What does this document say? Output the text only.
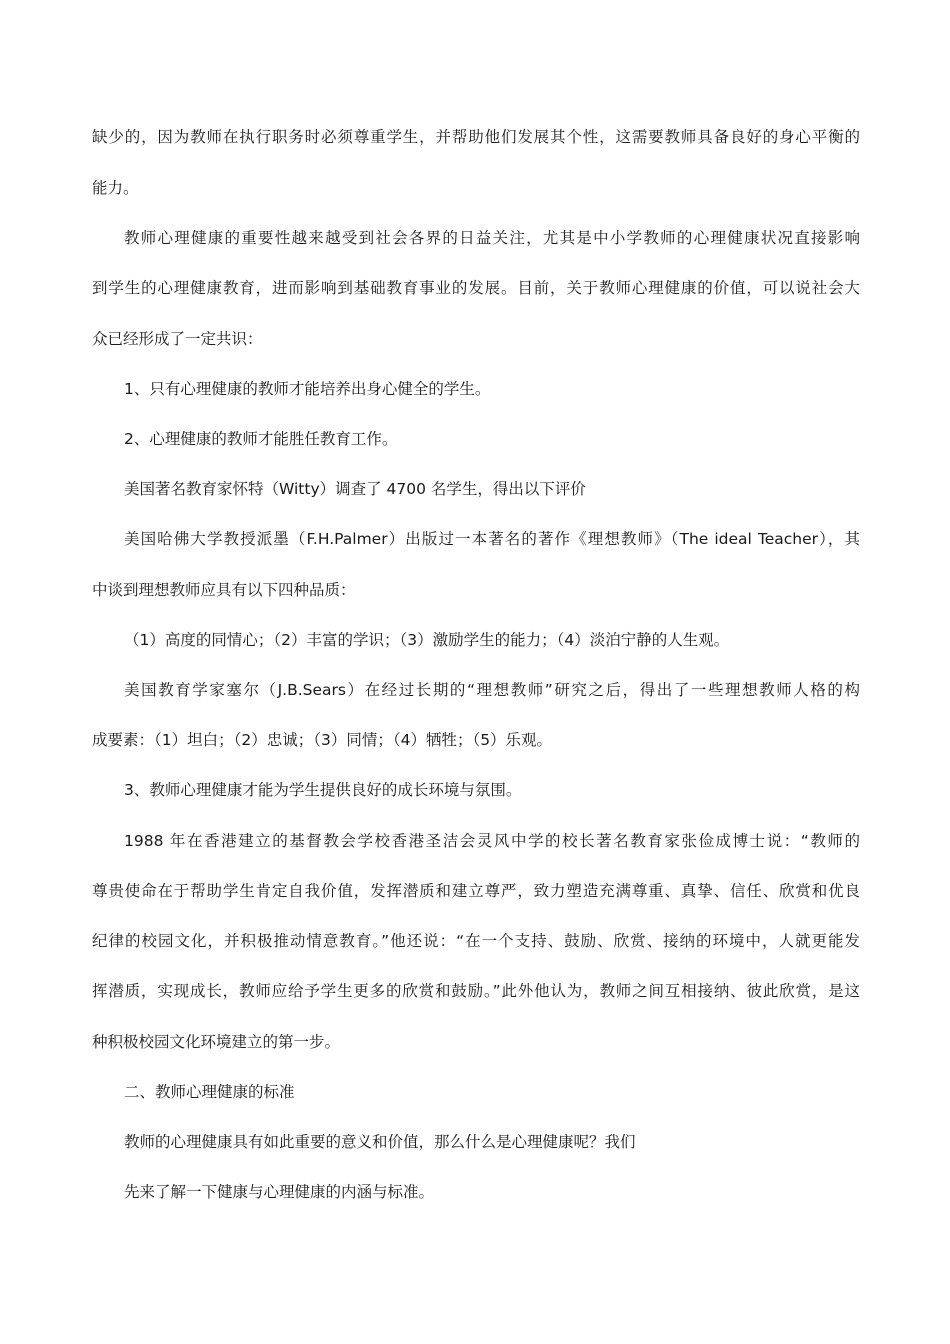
缺少的，因为教师在执行职务时必须尊重学生，并帮助他们发展其个性，这需要教师具备良好的身心平衡的
能力。
教师心理健康的重要性越来越受到社会各界的日益关注，尤其是中小学教师的心理健康状况直接影响
到学生的心理健康教育，进而影响到基础教育事业的发展。目前，关于教师心理健康的价值，可以说社会大
众已经形成了一定共识：
1、只有心理健康的教师才能培养出身心健全的学生。
2、心理健康的教师才能胜任教育工作。
美国著名教育家怀特（Witty）调查了 4700 名学生，得出以下评价
美国哈佛大学教授派墨（F.H.Palmer）出版过一本著名的著作《理想教师》（The ideal Teacher），其
中谈到理想教师应具有以下四种品质：
（1）高度的同情心；（2）丰富的学识；（3）激励学生的能力；（4）淡泊宁静的人生观。
美国教育学家塞尔（J.B.Sears）在经过长期的“理想教师”研究之后，得出了一些理想教师人格的构
成要素：（1）坦白；（2）忠诚；（3）同情；（4）牺牲；（5）乐观。
3、教师心理健康才能为学生提供良好的成长环境与氛围。
1988 年在香港建立的基督教会学校香港圣洁会灵风中学的校长著名教育家张俭成博士说：“教师的
尊贵使命在于帮助学生肯定自我价值，发挥潜质和建立尊严，致力塑造充满尊重、真挚、信任、欣赏和优良
纪律的校园文化，并积极推动情意教育。”他还说：“在一个支持、鼓励、欣赏、接纳的环境中，人就更能发
挥潜质，实现成长，教师应给予学生更多的欣赏和鼓励。”此外他认为，教师之间互相接纳、彼此欣赏，是这
种积极校园文化环境建立的第一步。
二、教师心理健康的标准
教师的心理健康具有如此重要的意义和价值，那么什么是心理健康呢？我们
先来了解一下健康与心理健康的内涵与标准。
